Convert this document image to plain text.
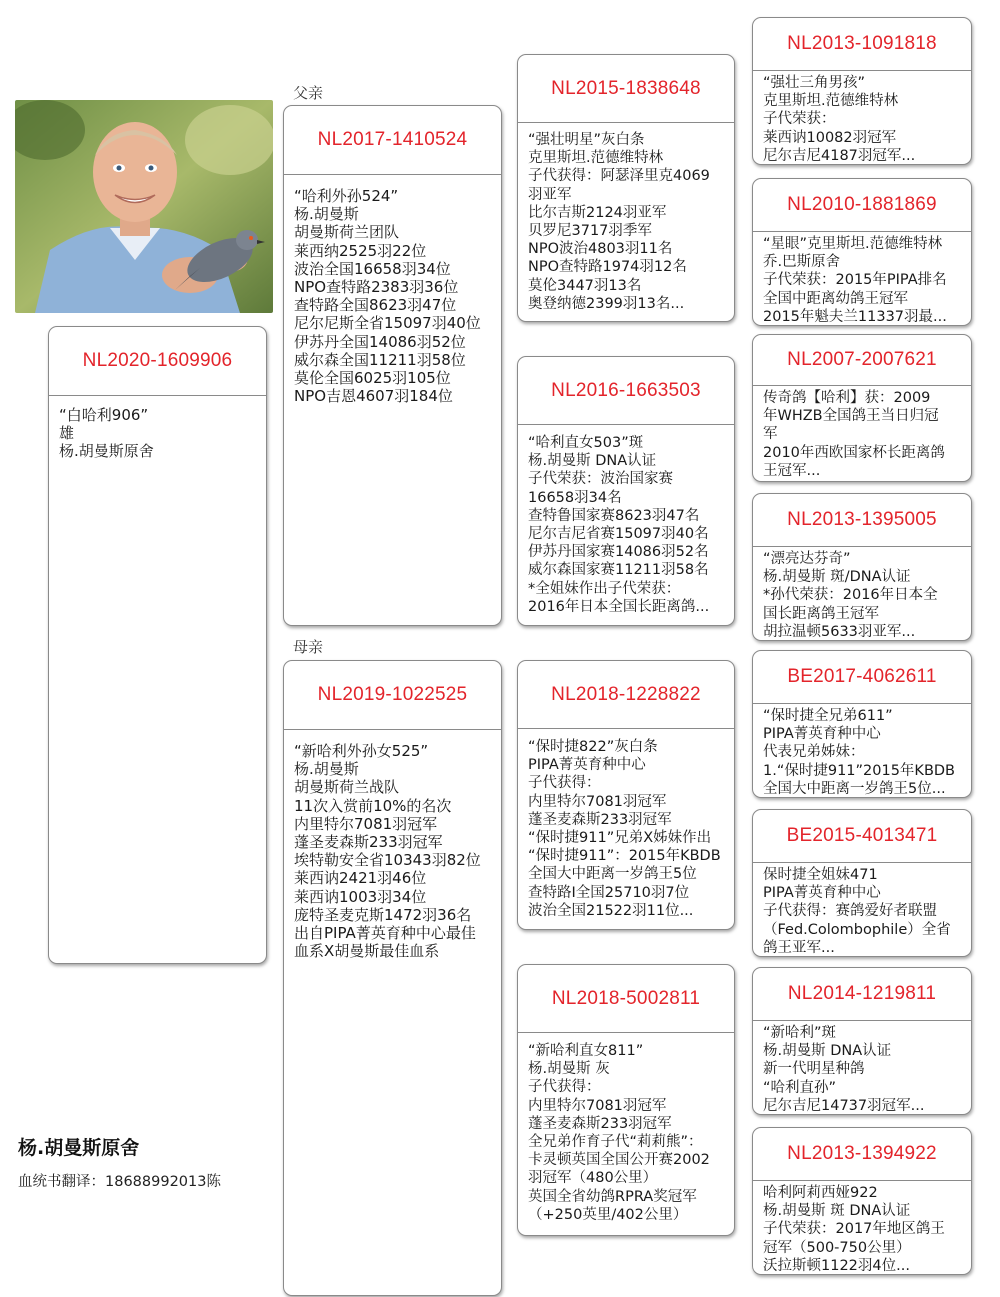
父亲
母亲
NL2020-1609906
“白哈利906”
雄
杨.胡曼斯原舍
NL2017-1410524
“哈利外孙524”
杨.胡曼斯
胡曼斯荷兰团队
莱西纳2525羽22位
波治全国16658羽34位
NPO查特路2383羽36位
查特路全国8623羽47位
尼尔尼斯全省15097羽40位
伊苏丹全国14086羽52位
威尔森全国11211羽58位
莫伦全国6025羽105位
NPO吉恩4607羽184位
NL2019-1022525
“新哈利外孙女525”
杨.胡曼斯
胡曼斯荷兰战队
11次入赏前10%的名次
内里特尔7081羽冠军
蓬圣麦森斯233羽冠军
埃特勒安全省10343羽82位
莱西讷2421羽46位
莱西讷1003羽34位
庞特圣麦克斯1472羽36名
出自PIPA菁英育种中心最佳
血系X胡曼斯最佳血系
NL2015-1838648
“强壮明星”灰白条
克里斯坦.范德维特林
子代获得：阿瑟泽里克4069
羽亚军
比尔吉斯2124羽亚军
贝罗尼3717羽季军
NPO波治4803羽11名
NPO查特路1974羽12名
莫伦3447羽13名
奥登纳德2399羽13名...
NL2016-1663503
“哈利直女503”斑
杨.胡曼斯 DNA认证
子代荣获：波治国家赛
16658羽34名
查特鲁国家赛8623羽47名
尼尔吉尼省赛15097羽40名
伊苏丹国家赛14086羽52名
威尔森国家赛11211羽58名
*全姐妹作出子代荣获：
2016年日本全国长距离鸽...
NL2018-1228822
“保时捷822”灰白条
PIPA菁英育种中心
子代获得：
内里特尔7081羽冠军
蓬圣麦森斯233羽冠军
“保时捷911”兄弟X姊妹作出
“保时捷911”：2015年KBDB
全国大中距离一岁鸽王5位
查特路I全国25710羽7位
波治全国21522羽11位...
NL2018-5002811
“新哈利直女811”
杨.胡曼斯 灰
子代获得：
内里特尔7081羽冠军
蓬圣麦森斯233羽冠军
全兄弟作育子代“莉莉熊”：
卡灵顿英国全国公开赛2002
羽冠军（480公里）
英国全省幼鸽RPRA奖冠军
（+250英里/402公里）
NL2013-1091818
“强壮三角男孩”
克里斯坦.范德维特林
子代荣获：
莱西讷10082羽冠军
尼尔吉尼4187羽冠军...
NL2010-1881869
“星眼”克里斯坦.范德维特林
乔.巴斯原舍
子代荣获：2015年PIPA排名
全国中距离幼鸽王冠军
2015年魁夫兰11337羽最...
NL2007-2007621
传奇鸽【哈利】获：2009
年WHZB全国鸽王当日归冠
军
2010年西欧国家杯长距离鸽
王冠军...
NL2013-1395005
“漂亮达芬奇”
杨.胡曼斯 斑/DNA认证
*孙代荣获：2016年日本全
国长距离鸽王冠军
胡拉温顿5633羽亚军...
BE2017-4062611
“保时捷全兄弟611”
PIPA菁英育种中心
代表兄弟姊妹：
1.“保时捷911”2015年KBDB
全国大中距离一岁鸽王5位...
BE2015-4013471
保时捷全姐妹471
PIPA菁英育种中心
子代获得：赛鸽爱好者联盟
（Fed.Colombophile）全省
鸽王亚军...
NL2014-1219811
“新哈利”斑
杨.胡曼斯 DNA认证
新一代明星种鸽
“哈利直孙”
尼尔吉尼14737羽冠军...
NL2013-1394922
哈利阿莉西娅922
杨.胡曼斯 斑 DNA认证
子代荣获：2017年地区鸽王
冠军（500-750公里）
沃拉斯顿1122羽4位...
杨.胡曼斯原舍
血统书翻译：18688992013陈
